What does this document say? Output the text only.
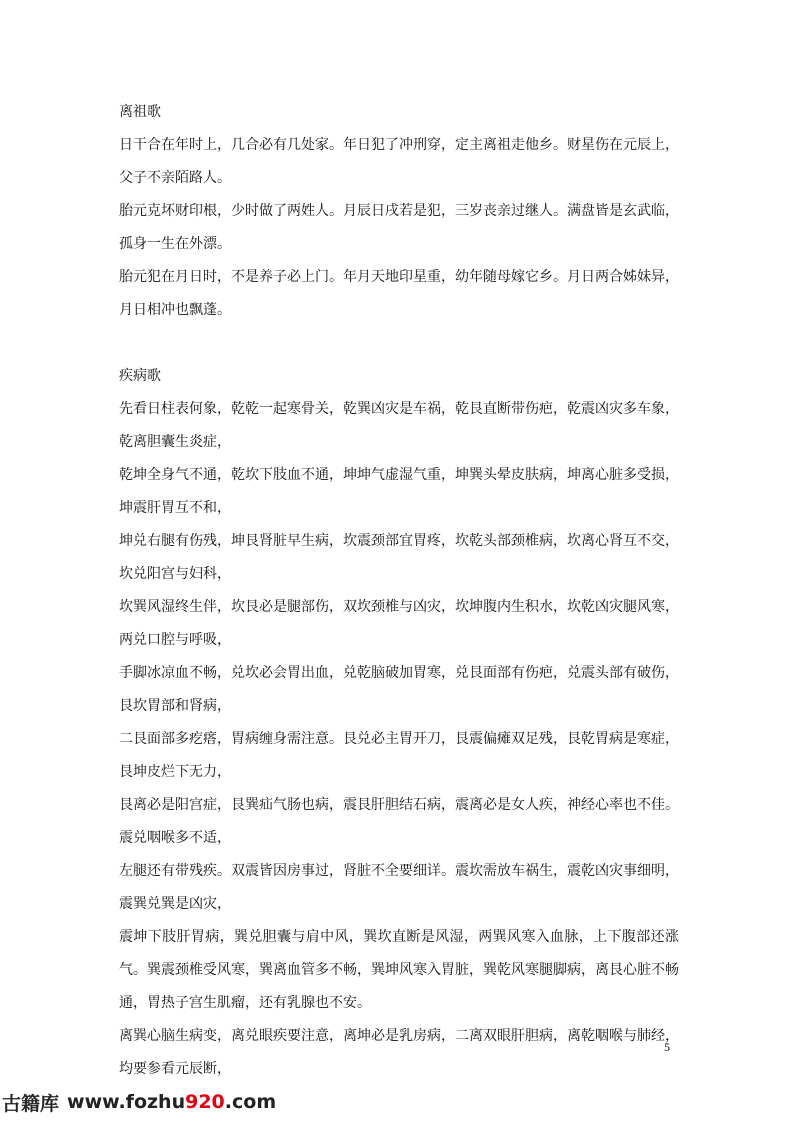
离祖歌

日干合在年时上，几合必有几处家。年日犯了冲刑穿，定主离祖走他乡。财星伤在元辰上，父子不亲陌路人。

胎元克坏财印根，少时做了两姓人。月辰日戌若是犯，三岁丧亲过继人。满盘皆是玄武临，孤身一生在外漂。

胎元犯在月日时，不是养子必上门。年月天地印星重，幼年随母嫁它乡。月日两合姊妹异，月日相冲也飘蓬。

疾病歌

先看日柱表何象，乾乾一起寒骨关，乾巽凶灾是车祸，乾艮直断带伤疤，乾震凶灾多车象，乾离胆囊生炎症，

乾坤全身气不通，乾坎下肢血不通，坤坤气虚湿气重，坤巽头晕皮肤病，坤离心脏多受损，坤震肝胃互不和，

坤兑右腿有伤残，坤艮肾脏早生病，坎震颈部宜胃疼，坎乾头部颈椎病，坎离心肾互不交，坎兑阳宫与妇科，

坎巽风湿终生伴，坎艮必是腿部伤，双坎颈椎与凶灾，坎坤腹内生积水，坎乾凶灾腿风寒，两兑口腔与呼吸，

手脚冰凉血不畅，兑坎必会胃出血，兑乾脑破加胃寒，兑艮面部有伤疤，兑震头部有破伤，艮坎胃部和肾病，

二艮面部多疙瘩，胃病缠身需注意。艮兑必主胃开刀，艮震偏瘫双足残，艮乾胃病是寒症，艮坤皮烂下无力，

艮离必是阳宫症，艮巽疝气肠也病，震艮肝胆结石病，震离必是女人疾，神经心率也不佳。震兑咽喉多不适，

左腿还有带残疾。双震皆因房事过，肾脏不全要细详。震坎需放车祸生，震乾凶灾事细明，震巽兑巽是凶灾，

震坤下肢肝胃病，巽兑胆囊与肩中风，巽坎直断是风湿，两巽风寒入血脉，上下腹部还涨气。巽震颈椎受风寒，巽离血管多不畅，巽坤风寒入胃脏，巽乾风寒腿脚病，离艮心脏不畅通，胃热子宫生肌瘤，还有乳腺也不安。

离巽心脑生病变，离兑眼疾要注意，离坤必是乳房病，二离双眼肝胆病，离乾咽喉与肺经，均要参看元辰断，

5
古籍库 www.fozhu 920 .com
